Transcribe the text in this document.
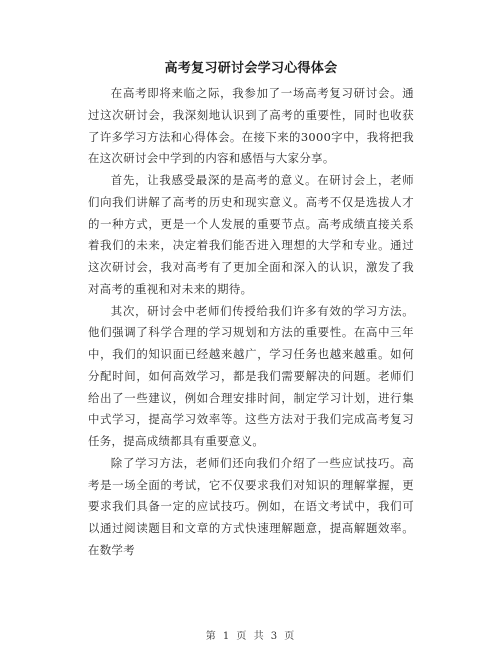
高考复习研讨会学习心得体会

在高考即将来临之际，我参加了一场高考复习研讨会。通过这次研讨会，我深刻地认识到了高考的重要性，同时也收获了许多学习方法和心得体会。在接下来的3000字中，我将把我在这次研讨会中学到的内容和感悟与大家分享。

首先，让我感受最深的是高考的意义。在研讨会上，老师们向我们讲解了高考的历史和现实意义。高考不仅是选拔人才的一种方式，更是一个人发展的重要节点。高考成绩直接关系着我们的未来，决定着我们能否进入理想的大学和专业。通过这次研讨会，我对高考有了更加全面和深入的认识，激发了我对高考的重视和对未来的期待。

其次，研讨会中老师们传授给我们许多有效的学习方法。他们强调了科学合理的学习规划和方法的重要性。在高中三年中，我们的知识面已经越来越广，学习任务也越来越重。如何分配时间，如何高效学习，都是我们需要解决的问题。老师们给出了一些建议，例如合理安排时间，制定学习计划，进行集中式学习，提高学习效率等。这些方法对于我们完成高考复习任务，提高成绩都具有重要意义。

除了学习方法，老师们还向我们介绍了一些应试技巧。高考是一场全面的考试，它不仅要求我们对知识的理解掌握，更要求我们具备一定的应试技巧。例如，在语文考试中，我们可以通过阅读题目和文章的方式快速理解题意，提高解题效率。在数学考

第 1 页 共 3 页
